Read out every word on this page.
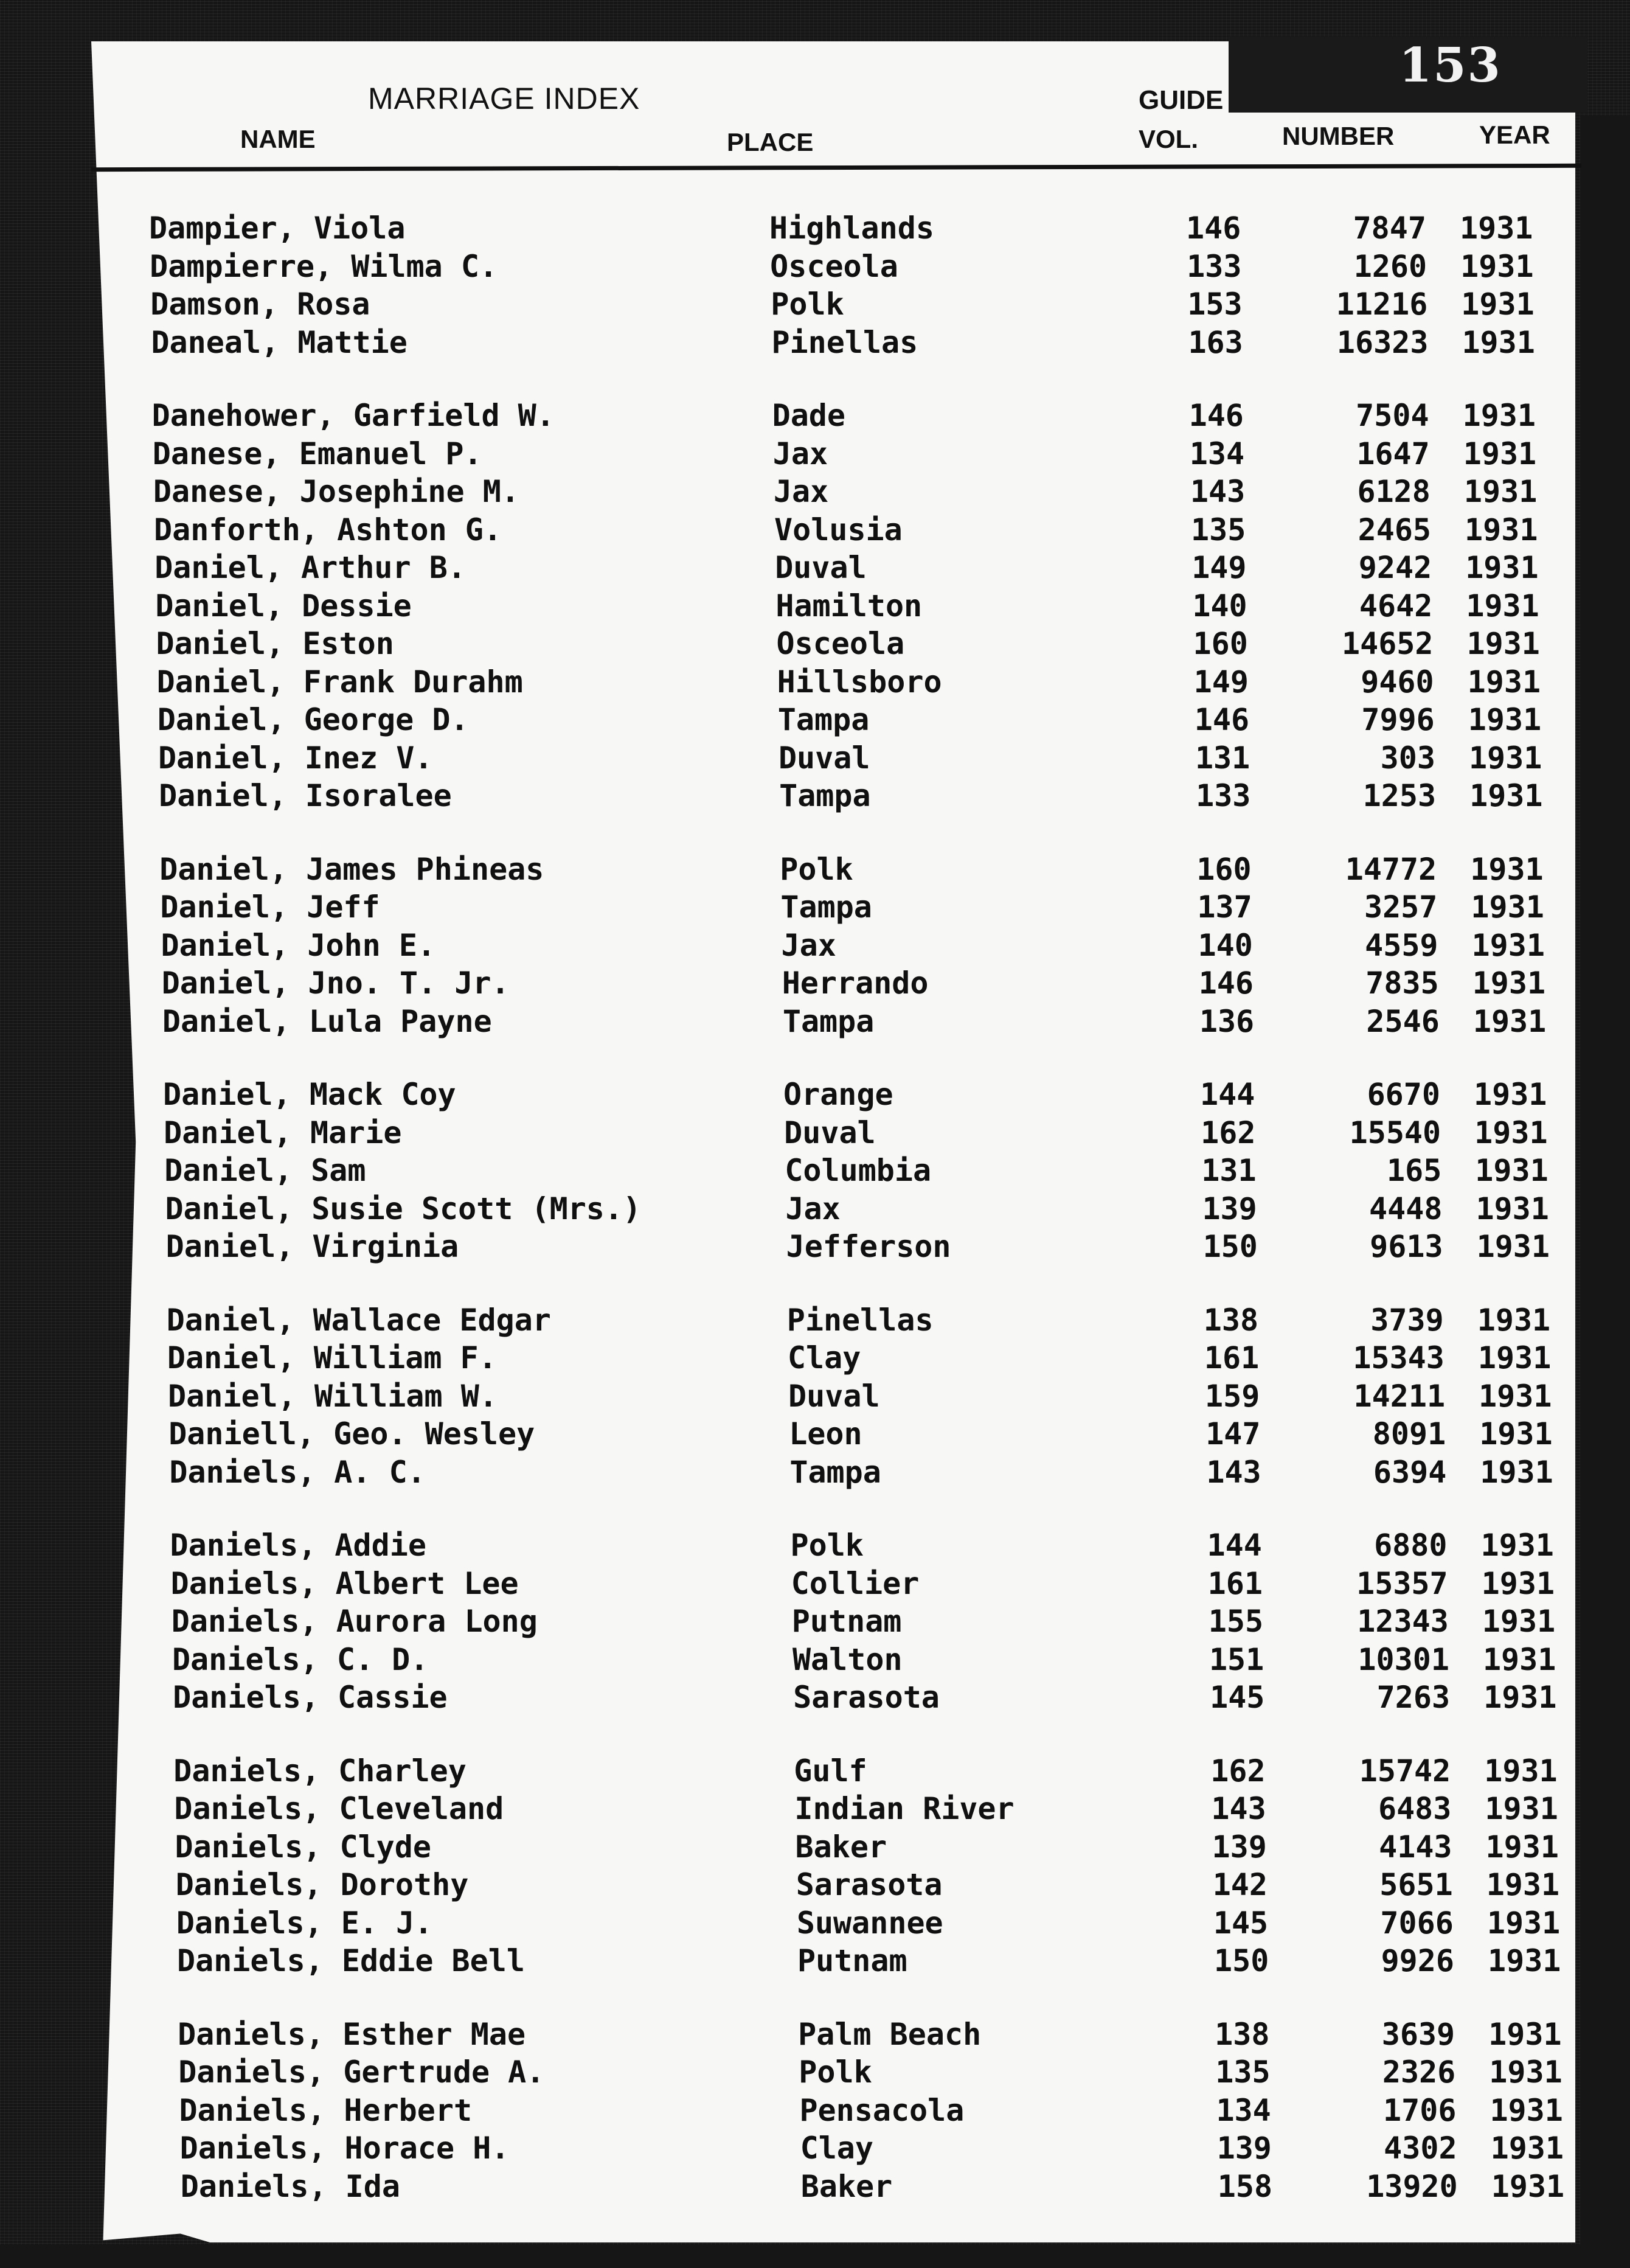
153
MARRIAGE INDEX	GUIDE
NAME	PLACE	VOL.	NUMBER	YEAR
Dampier, Viola	Highlands	146	7847 1931
Dampierre, Wilma C.	Osceola	133	1260 1931
Damson, Rosa	Polk	153	11216 1931
Daneal, Mattie	Pinellas	163	16323 1931
Danehower, Garfield W.	Dade	146	7504 1931
Danese, Emanuel P.	Jax	134	1647 1931
Danese, Josephine M.	Jax	143	6128 1931
Danforth, Ashton G.	Volusia	135	2465 1931
Daniel, Arthur B.	Duval	149	9242 1931
Daniel, Dessie	Hamilton	140	4642 1931
Daniel, Eston	Osceola	160	14652 1931
Daniel, Frank Durahm	Hillsboro	149	9460 1931
Daniel, George D.	Tampa	146	7996 1931
Daniel, Inez V.	Duval	131	303 1931
Daniel, Isoralee	Tampa	133	1253 1931
Daniel, James Phineas	Polk	160	14772 1931
Daniel, Jeff	Tampa	137	3257 1931
Daniel, John E.	Jax	140	4559 1931
Daniel, Jno. T. Jr.	Herrando	146	7835 1931
Daniel, Lula Payne	Tampa	136	2546 1931
Daniel, Mack Coy	Orange	144	6670 1931
Daniel, Marie	Duval	162	15540 1931
Daniel, Sam	Columbia	131	165 1931
Daniel, Susie Scott (Mrs.)	Jax	139	4448 1931
Daniel, Virginia	Jefferson	150	9613 1931
Daniel, Wallace Edgar	Pinellas	138	3739 1931
Daniel, William F.	Clay	161	15343 1931
Daniel, William W.	Duval	159	14211 1931
Daniell, Geo. Wesley	Leon	147	8091 1931
Daniels, A. C.	Tampa	143	6394 1931
Daniels, Addie	Polk	144	6880 1931
Daniels, Albert Lee	Collier	161	15357 1931
Daniels, Aurora Long	Putnam	155	12343 1931
Daniels, C. D.	Walton	151	10301 1931
Daniels, Cassie	Sarasota	145	7263 1931
Daniels, Charley	Gulf	162	15742 1931
Daniels, Cleveland	Indian River	143	6483 1931
Daniels, Clyde	Baker	139	4143 1931
Daniels, Dorothy	Sarasota	142	5651 1931
Daniels, E. J.	Suwannee	145	7066 1931
Daniels, Eddie Bell	Putnam	150	9926 1931
Daniels, Esther Mae	Palm Beach	138	3639 1931
Daniels, Gertrude A.	Polk	135	2326 1931
Daniels, Herbert	Pensacola	134	1706 1931
Daniels, Horace H.	Clay	139	4302 1931
Daniels, Ida	Baker	158	13920 1931
